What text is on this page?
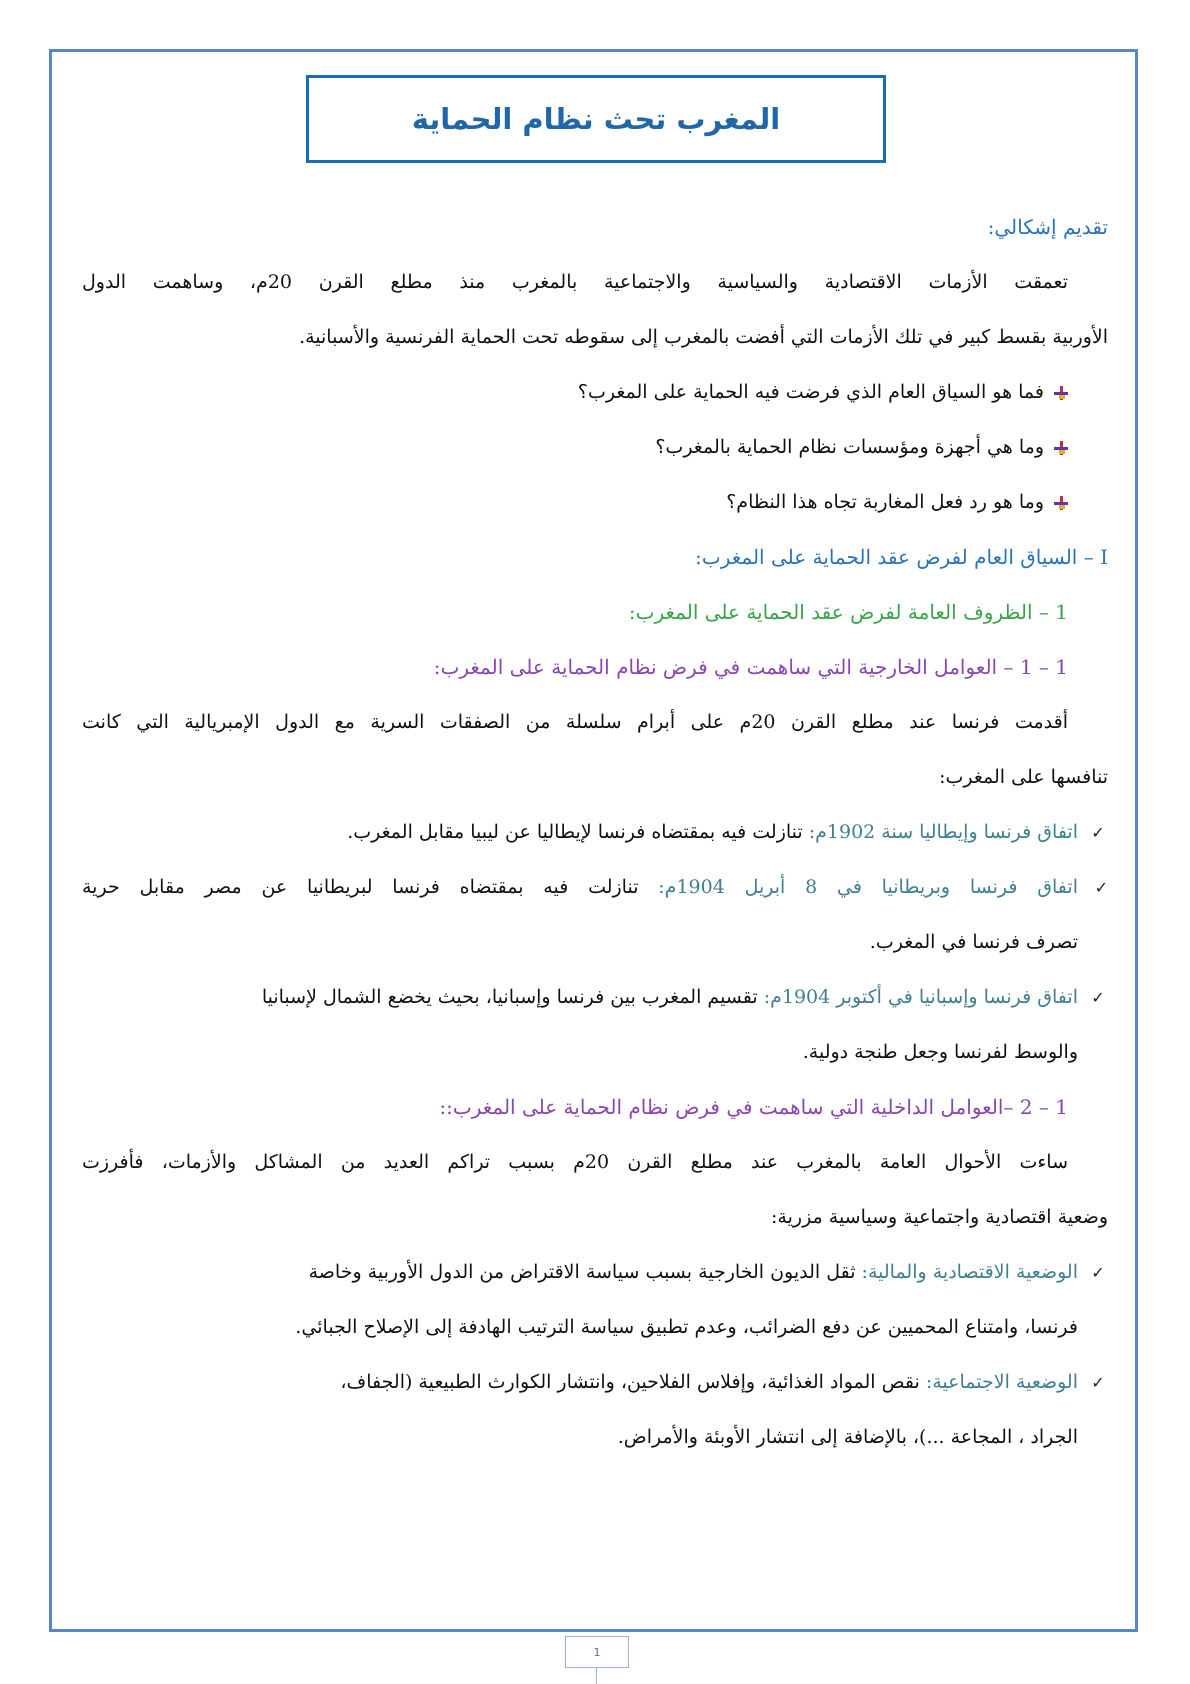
المغرب تحث نظام الحماية
تقديم إشكالي:
تعمقت الأزمات الاقتصادية والسياسية والاجتماعية بالمغرب منذ مطلع القرن 20م، وساهمت الدول
الأوربية بقسط كبير في تلك الأزمات التي أفضت بالمغرب إلى سقوطه تحت الحماية الفرنسية والأسبانية.
فما هو السياق العام الذي فرضت فيه الحماية على المغرب؟
وما هي أجهزة ومؤسسات نظام الحماية بالمغرب؟
وما هو رد فعل المغاربة تجاه هذا النظام؟
I – السياق العام لفرض عقد الحماية على المغرب:
1 – الظروف العامة لفرض عقد الحماية على المغرب:
1 – 1 – العوامل الخارجية التي ساهمت في فرض نظام الحماية على المغرب:
أقدمت فرنسا عند مطلع القرن 20م على أبرام سلسلة من الصفقات السرية مع الدول الإمبريالية التي كانت
تنافسها على المغرب:
✓
اتفاق فرنسا وإيطاليا سنة 1902م: تنازلت فيه بمقتضاه فرنسا لإيطاليا عن ليبيا مقابل المغرب.
✓
اتفاق فرنسا وبريطانيا في 8 أبريل 1904م: تنازلت فيه بمقتضاه فرنسا لبريطانيا عن مصر مقابل حرية
تصرف فرنسا في المغرب.
✓
اتفاق فرنسا وإسبانيا في أكتوبر 1904م: تقسيم المغرب بين فرنسا وإسبانيا، بحيث يخضع الشمال لإسبانيا
والوسط لفرنسا وجعل طنجة دولية.
1 – 2 –العوامل الداخلية التي ساهمت في فرض نظام الحماية على المغرب::
ساءت الأحوال العامة بالمغرب عند مطلع القرن 20م بسبب تراكم العديد من المشاكل والأزمات، فأفرزت
وضعية اقتصادية واجتماعية وسياسية مزرية:
✓
الوضعية الاقتصادية والمالية: ثقل الديون الخارجية بسبب سياسة الاقتراض من الدول الأوربية وخاصة
فرنسا، وامتناع المحميين عن دفع الضرائب، وعدم تطبيق سياسة الترتيب الهادفة إلى الإصلاح الجبائي.
✓
الوضعية الاجتماعية: نقص المواد الغذائية، وإفلاس الفلاحين، وانتشار الكوارث الطبيعية (الجفاف،
الجراد ، المجاعة ...)، بالإضافة إلى انتشار الأوبئة والأمراض.
1
